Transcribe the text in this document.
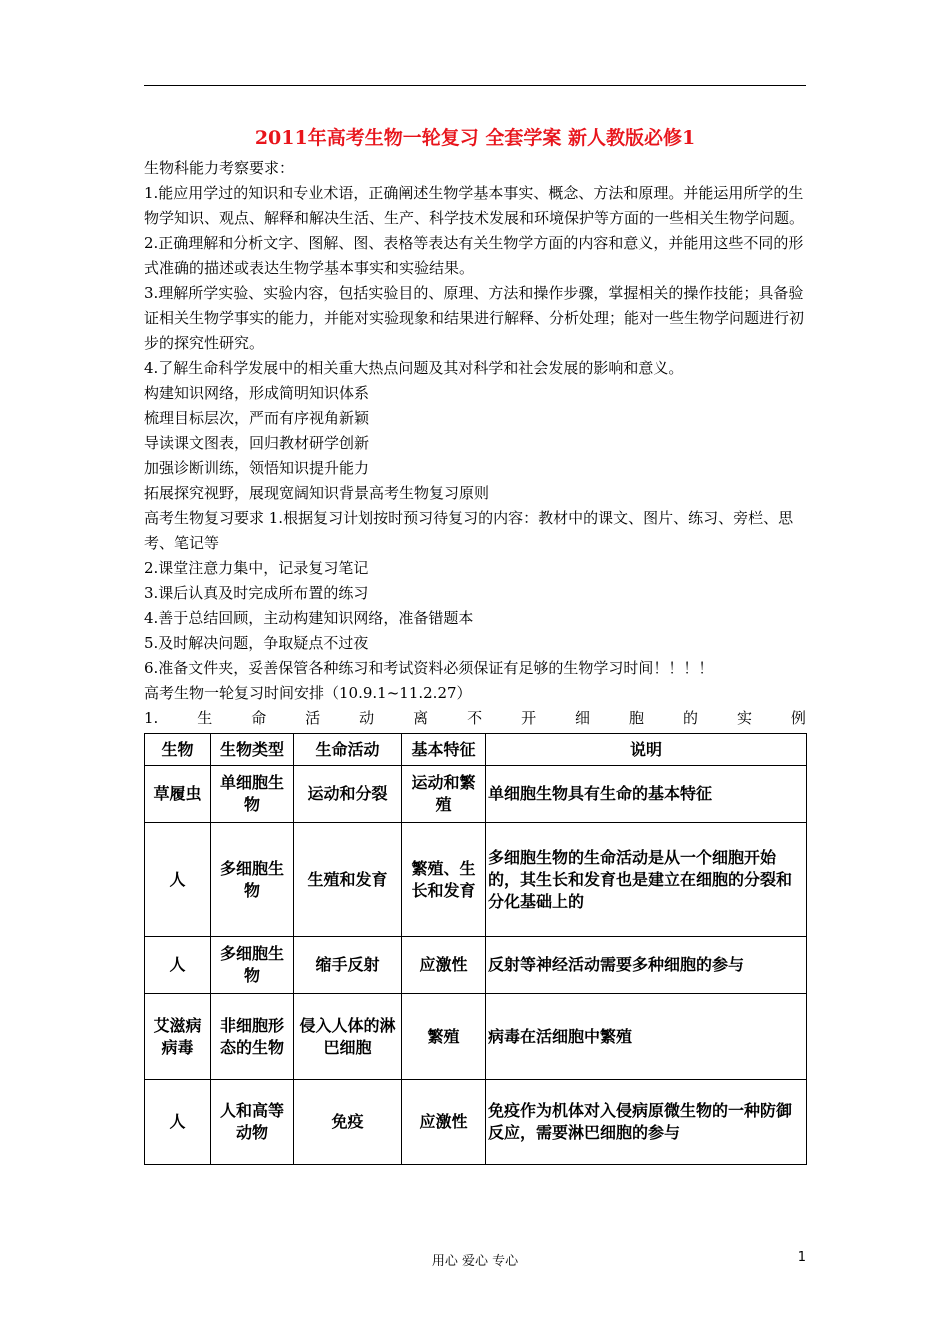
2011年高考生物一轮复习 全套学案 新人教版必修1

生物科能力考察要求：

1.能应用学过的知识和专业术语，正确阐述生物学基本事实、概念、方法和原理。并能运用所学的生物学知识、观点、解释和解决生活、生产、科学技术发展和环境保护等方面的一些相关生物学问题。

2.正确理解和分析文字、图解、图、表格等表达有关生物学方面的内容和意义，并能用这些不同的形式准确的描述或表达生物学基本事实和实验结果。

3.理解所学实验、实验内容，包括实验目的、原理、方法和操作步骤，掌握相关的操作技能；具备验证相关生物学事实的能力，并能对实验现象和结果进行解释、分析处理；能对一些生物学问题进行初步的探究性研究。

4.了解生命科学发展中的相关重大热点问题及其对科学和社会发展的影响和意义。

构建知识网络，形成简明知识体系

梳理目标层次，严而有序视角新颖

导读课文图表，回归教材研学创新

加强诊断训练，领悟知识提升能力

拓展探究视野，展现宽阔知识背景高考生物复习原则

高考生物复习要求 1.根据复习计划按时预习待复习的内容：教材中的课文、图片、练习、旁栏、思考、笔记等

2.课堂注意力集中，记录复习笔记

3.课后认真及时完成所布置的练习

4.善于总结回顾，主动构建知识网络，准备错题本

5.及时解决问题，争取疑点不过夜

6.准备文件夹，妥善保管各种练习和考试资料必须保证有足够的生物学习时间！！！！

高考生物一轮复习时间安排（10.9.1~11.2.27）

1.	生	命	活	动	离	不	开	细	胞	的	实	例
生物	生物类型	生命活动	基本特征	说明
草履虫	单细胞生物	运动和分裂	运动和繁殖	单细胞生物具有生命的基本特征
人	多细胞生物	生殖和发育	繁殖、生长和发育	多细胞生物的生命活动是从一个细胞开始的，其生长和发育也是建立在细胞的分裂和分化基础上的
人	多细胞生物	缩手反射	应激性	反射等神经活动需要多种细胞的参与
艾滋病病毒	非细胞形态的生物	侵入人体的淋巴细胞	繁殖	病毒在活细胞中繁殖
人	人和高等动物	免疫	应激性	免疫作为机体对入侵病原微生物的一种防御反应，需要淋巴细胞的参与
用心 爱心 专心	1
